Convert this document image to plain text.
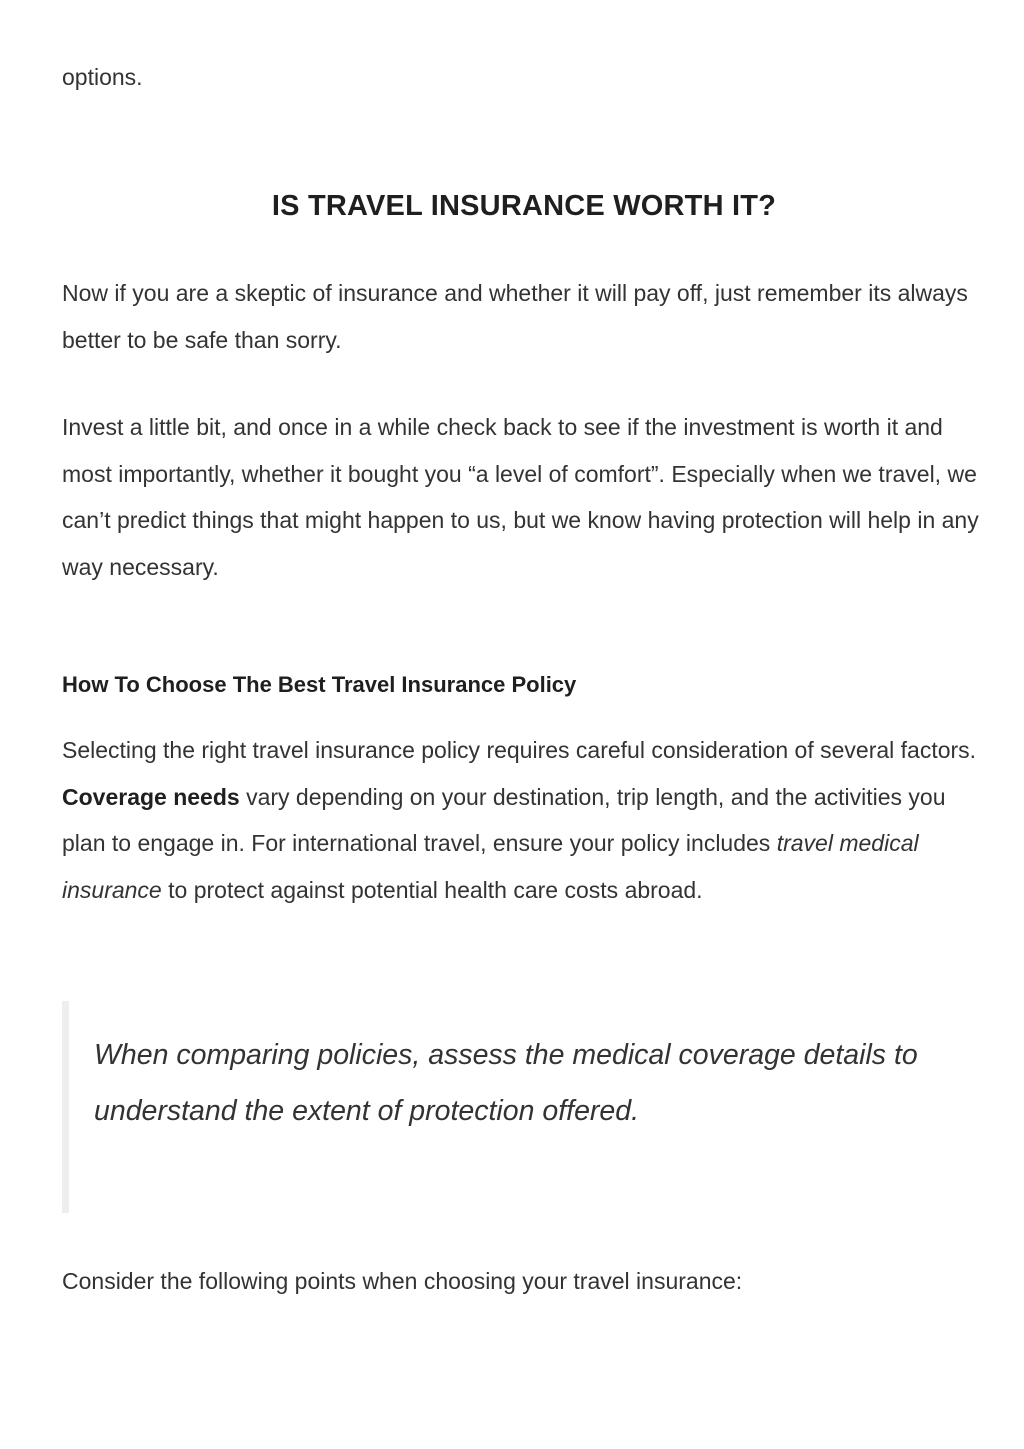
options.

IS TRAVEL INSURANCE WORTH IT?

Now if you are a skeptic of insurance and whether it will pay off, just remember its always better to be safe than sorry.

Invest a little bit, and once in a while check back to see if the investment is worth it and most importantly, whether it bought you “a level of comfort”. Especially when we travel, we can’t predict things that might happen to us, but we know having protection will help in any way necessary.

How To Choose The Best Travel Insurance Policy

Selecting the right travel insurance policy requires careful consideration of several factors. Coverage needs vary depending on your destination, trip length, and the activities you plan to engage in. For international travel, ensure your policy includes travel medical insurance to protect against potential health care costs abroad.

When comparing policies, assess the medical coverage details to understand the extent of protection offered.

Consider the following points when choosing your travel insurance:
